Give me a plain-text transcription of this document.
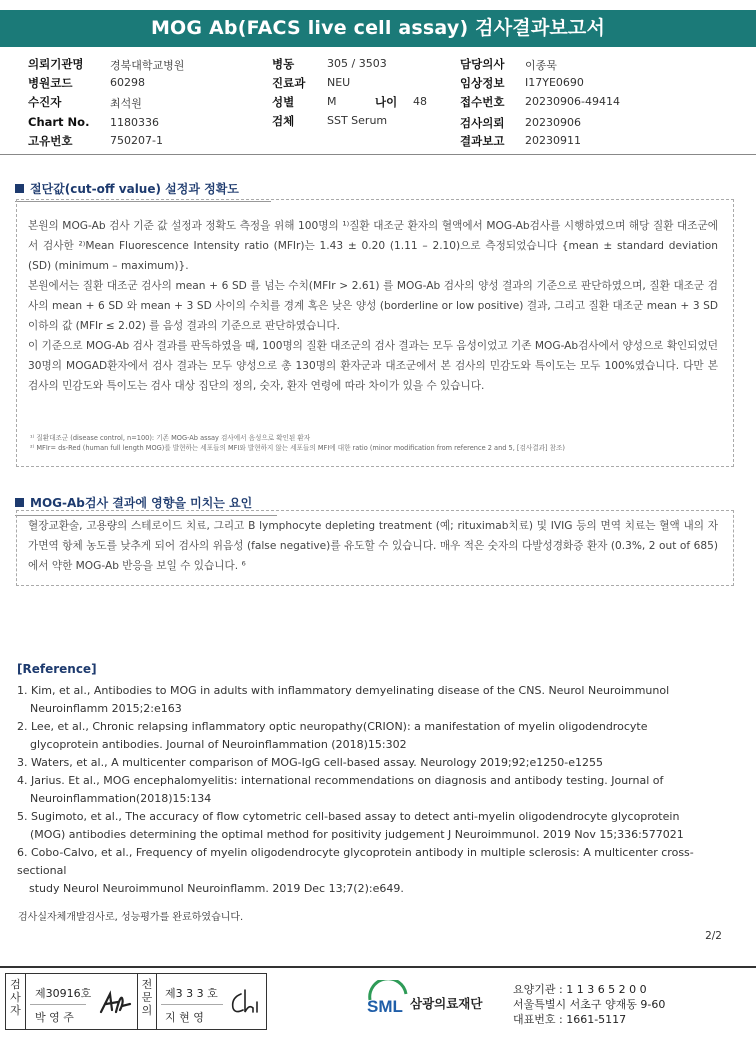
MOG Ab(FACS live cell assay) 검사결과보고서
의뢰기관명 경북대학교병원
병원코드	60298
수진자	최석원
Chart No. 1180336
고유번호	750207-1
병동	305 / 3503
진료과 NEU
성별	M	나이 48
검체	SST Serum
담당의사 이종묵
임상정보 I17YE0690
접수번호 20230906-49414
검사의뢰 20230906
결과보고 20230911
절단값(cut-off value) 설정과 정확도

본원의 MOG-Ab 검사 기준 값 설정과 정확도 측정을 위해 100명의 ¹⁾질환 대조군 환자의 혈액에서 MOG-Ab검사를 시행하였으며 해당 질환 대조군에서 검사한 ²⁾Mean Fluorescence Intensity ratio (MFIr)는 1.43 ± 0.20 (1.11 – 2.10)으로 측정되었습니다 {mean ± standard deviation (SD) (minimum – maximum)}.

본원에서는 질환 대조군 검사의 mean + 6 SD 를 넘는 수치(MFIr > 2.61) 를 MOG-Ab 검사의 양성 결과의 기준으로 판단하였으며, 질환 대조군 검사의 mean + 6 SD 와 mean + 3 SD 사이의 수치를 경계 혹은 낮은 양성 (borderline or low positive) 결과, 그리고 질환 대조군 mean + 3 SD 이하의 값 (MFIr ≤ 2.02) 를 음성 결과의 기준으로 판단하였습니다.

이 기준으로 MOG-Ab 검사 결과를 판독하였을 때, 100명의 질환 대조군의 검사 결과는 모두 음성이었고 기존 MOG-Ab검사에서 양성으로 확인되었던 30명의 MOGAD환자에서 검사 결과는 모두 양성으로 총 130명의 환자군과 대조군에서 본 검사의 민감도와 특이도는 모두 100%였습니다. 다만 본 검사의 민감도와 특이도는 검사 대상 집단의 정의, 숫자, 환자 연령에 따라 차이가 있을 수 있습니다.

¹⁾ 질환대조군 (disease control, n=100): 기존 MOG-Ab assay 검사에서 음성으로 확인된 환자
²⁾ MFIr= ds-Red (human full length MOG)를 발현하는 세포들의 MFI와 발현하지 않는 세포들의 MFI에 대한 ratio (minor modification from reference 2 and 5, [검사결과] 참조)
MOG-Ab검사 결과에 영향을 미치는 요인

혈장교환술, 고용량의 스테로이드 치료, 그리고 B lymphocyte depleting treatment (예; rituximab치료) 및 IVIG 등의 면역 치료는 혈액 내의 자가면역 항체 농도를 낮추게 되어 검사의 위음성 (false negative)를 유도할 수 있습니다. 매우 적은 숫자의 다발성경화증 환자 (0.3%, 2 out of 685)에서 약한 MOG-Ab 반응을 보일 수 있습니다. ⁶

[Reference]
1. Kim, et al., Antibodies to MOG in adults with inflammatory demyelinating disease of the CNS. Neurol Neuroimmunol Neuroinflamm 2015;2:e163
2. Lee, et al., Chronic relapsing inflammatory optic neuropathy(CRION): a manifestation of myelin oligodendrocyte glycoprotein antibodies. Journal of Neuroinflammation (2018)15:302
3. Waters, et al., A multicenter comparison of MOG-IgG cell-based assay. Neurology 2019;92;e1250-e1255
4. Jarius. Et al., MOG encephalomyelitis: international recommendations on diagnosis and antibody testing. Journal of Neuroinflammation(2018)15:134
5. Sugimoto, et al., The accuracy of flow cytometric cell-based assay to detect anti-myelin oligodendrocyte glycoprotein (MOG) antibodies determining the optimal method for positivity judgement J Neuroimmunol. 2019 Nov 15;336:577021
6. Cobo-Calvo, et al., Frequency of myelin oligodendrocyte glycoprotein antibody in multiple sclerosis: A multicenter cross-sectional
study Neurol Neuroimmunol Neuroinflamm. 2019 Dec 13;7(2):e649.
검사실자체개발검사로, 성능평가를 완료하였습니다.
2/2
검사자
제30916호
박 영 주
전문의
제3 3 3 호
지 현 영
SML 삼광의료재단
요양기관 : 1 1 3 6 5 2 0 0
서울특별시 서초구 양재동 9-60
대표번호 : 1661-5117
